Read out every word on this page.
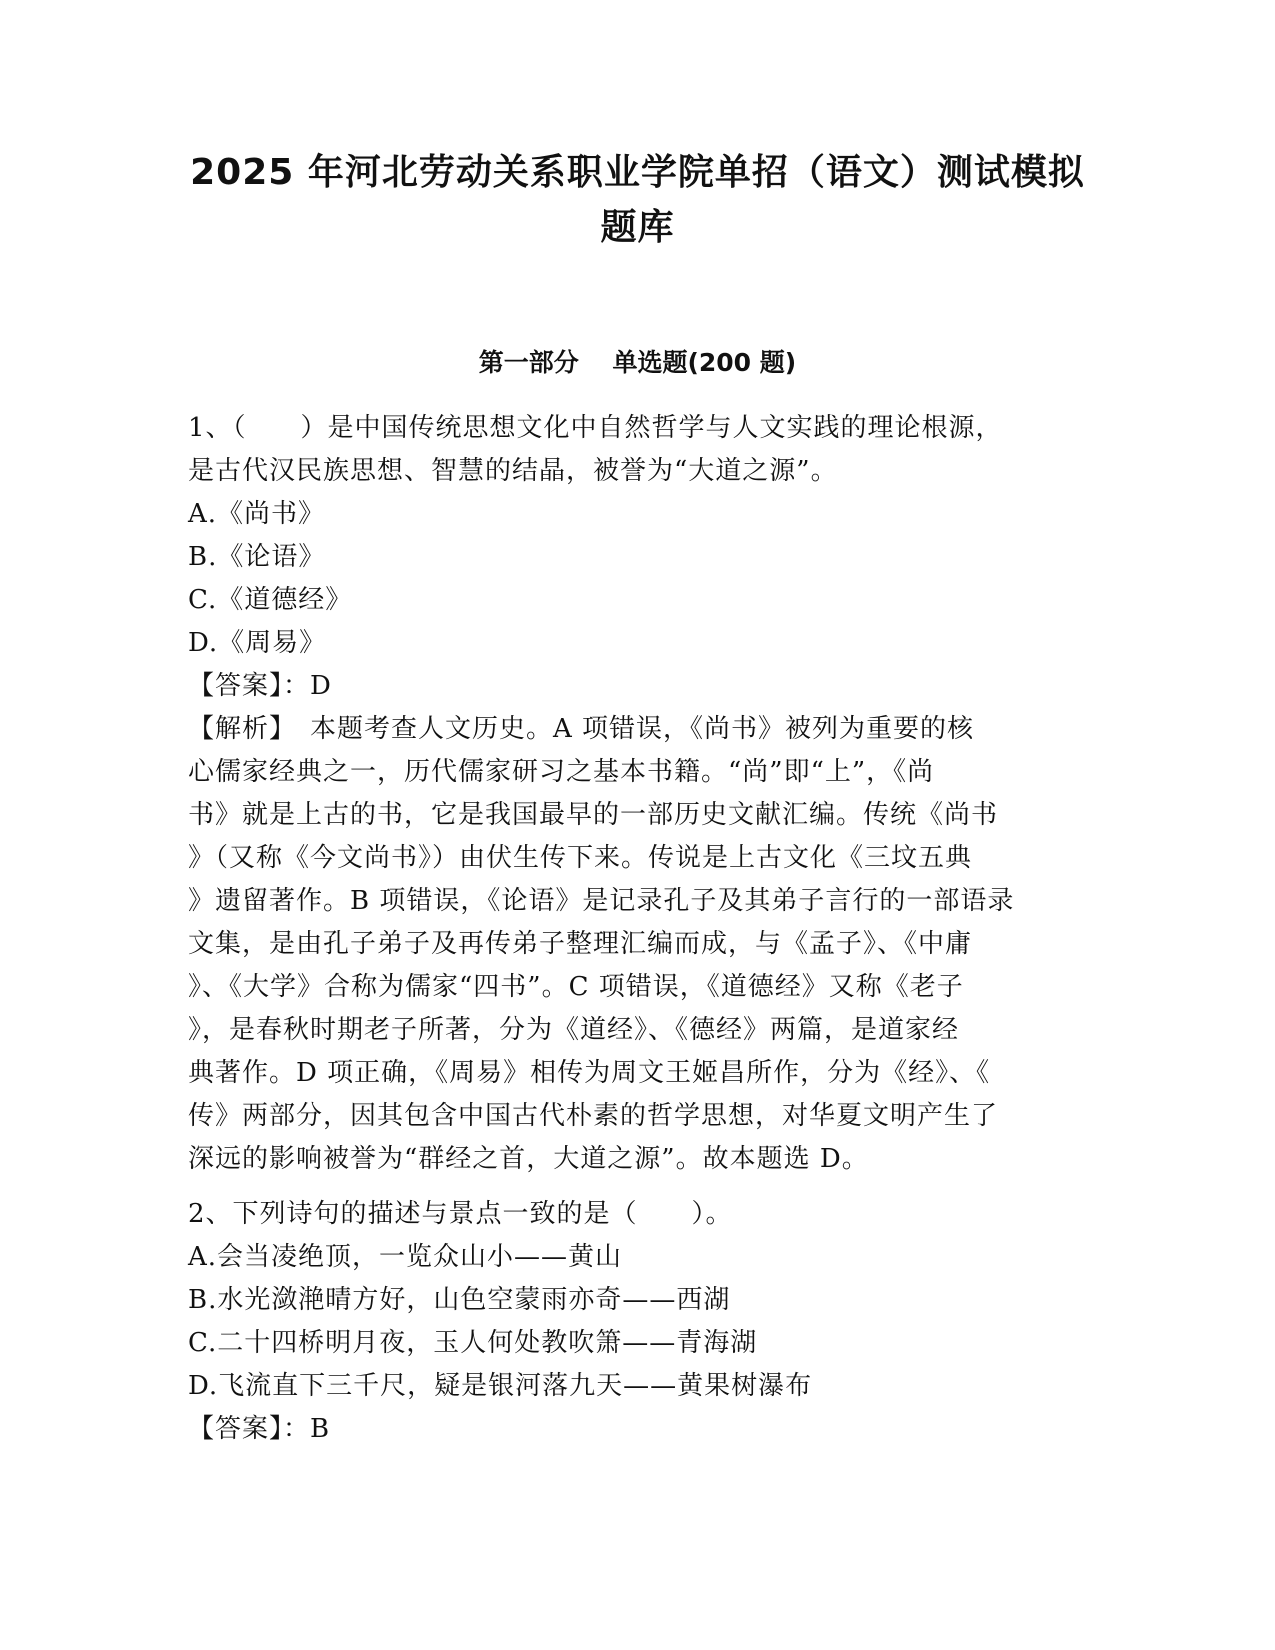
2025 年河北劳动关系职业学院单招（语文）测试模拟
题库
第一部分　 单选题(200 题)
1、（　　）是中国传统思想文化中自然哲学与人文实践的理论根源，
是古代汉民族思想、智慧的结晶，被誉为“大道之源”。
A.《尚书》
B.《论语》
C.《道德经》
D.《周易》
【答案】：D
【解析】　本题考查人文历史。A 项错误，《尚书》被列为重要的核
心儒家经典之一，历代儒家研习之基本书籍。“尚”即“上”，《尚
书》就是上古的书，它是我国最早的一部历史文献汇编。传统《尚书
》（又称《今文尚书》）由伏生传下来。传说是上古文化《三坟五典
》遗留著作。B 项错误，《论语》是记录孔子及其弟子言行的一部语录
文集，是由孔子弟子及再传弟子整理汇编而成，与《孟子》、《中庸
》、《大学》合称为儒家“四书”。C 项错误，《道德经》又称《老子
》，是春秋时期老子所著，分为《道经》、《德经》两篇，是道家经
典著作。D 项正确，《周易》相传为周文王姬昌所作，分为《经》、《
传》两部分，因其包含中国古代朴素的哲学思想，对华夏文明产生了
深远的影响被誉为“群经之首，大道之源”。故本题选 D。
2、下列诗句的描述与景点一致的是（　　）。
A.会当凌绝顶，一览众山小——黄山
B.水光潋滟晴方好，山色空蒙雨亦奇——西湖
C.二十四桥明月夜，玉人何处教吹箫——青海湖
D.飞流直下三千尺，疑是银河落九天——黄果树瀑布
【答案】：B
